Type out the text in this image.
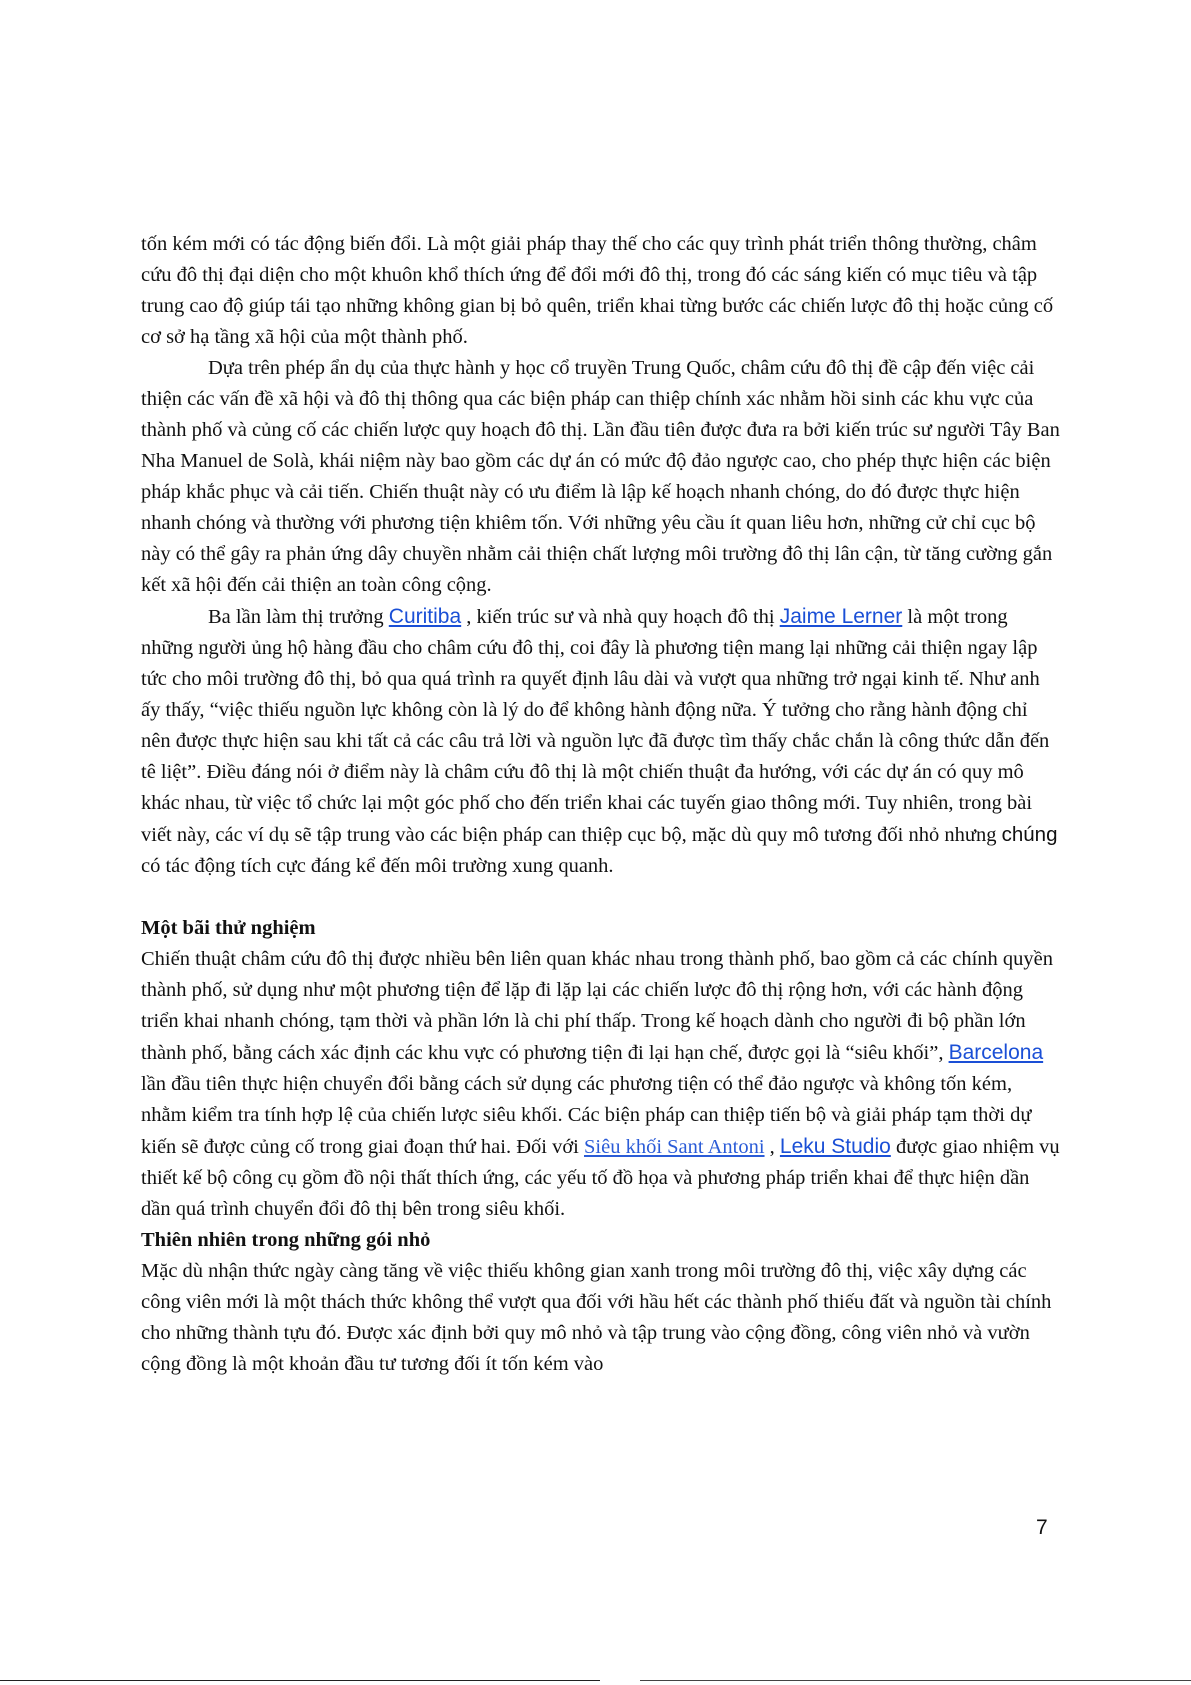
tốn kém mới có tác động biến đổi. Là một giải pháp thay thế cho các quy trình phát triển thông thường, châm cứu đô thị đại diện cho một khuôn khổ thích ứng để đổi mới đô thị, trong đó các sáng kiến có mục tiêu và tập trung cao độ giúp tái tạo những không gian bị bỏ quên, triển khai từng bước các chiến lược đô thị hoặc củng cố cơ sở hạ tầng xã hội của một thành phố.

Dựa trên phép ẩn dụ của thực hành y học cổ truyền Trung Quốc, châm cứu đô thị đề cập đến việc cải thiện các vấn đề xã hội và đô thị thông qua các biện pháp can thiệp chính xác nhằm hồi sinh các khu vực của thành phố và củng cố các chiến lược quy hoạch đô thị. Lần đầu tiên được đưa ra bởi kiến trúc sư người Tây Ban Nha Manuel de Solà, khái niệm này bao gồm các dự án có mức độ đảo ngược cao, cho phép thực hiện các biện pháp khắc phục và cải tiến. Chiến thuật này có ưu điểm là lập kế hoạch nhanh chóng, do đó được thực hiện nhanh chóng và thường với phương tiện khiêm tốn. Với những yêu cầu ít quan liêu hơn, những cử chỉ cục bộ này có thể gây ra phản ứng dây chuyền nhằm cải thiện chất lượng môi trường đô thị lân cận, từ tăng cường gắn kết xã hội đến cải thiện an toàn công cộng.

Ba lần làm thị trưởng Curitiba , kiến trúc sư và nhà quy hoạch đô thị Jaime Lerner là một trong những người ủng hộ hàng đầu cho châm cứu đô thị, coi đây là phương tiện mang lại những cải thiện ngay lập tức cho môi trường đô thị, bỏ qua quá trình ra quyết định lâu dài và vượt qua những trở ngại kinh tế. Như anh ấy thấy, “việc thiếu nguồn lực không còn là lý do để không hành động nữa. Ý tưởng cho rằng hành động chỉ nên được thực hiện sau khi tất cả các câu trả lời và nguồn lực đã được tìm thấy chắc chắn là công thức dẫn đến tê liệt”. Điều đáng nói ở điểm này là châm cứu đô thị là một chiến thuật đa hướng, với các dự án có quy mô khác nhau, từ việc tổ chức lại một góc phố cho đến triển khai các tuyến giao thông mới. Tuy nhiên, trong bài viết này, các ví dụ sẽ tập trung vào các biện pháp can thiệp cục bộ, mặc dù quy mô tương đối nhỏ nhưng chúng có tác động tích cực đáng kể đến môi trường xung quanh.

Một bãi thử nghiệm

Chiến thuật châm cứu đô thị được nhiều bên liên quan khác nhau trong thành phố, bao gồm cả các chính quyền thành phố, sử dụng như một phương tiện để lặp đi lặp lại các chiến lược đô thị rộng hơn, với các hành động triển khai nhanh chóng, tạm thời và phần lớn là chi phí thấp. Trong kế hoạch dành cho người đi bộ phần lớn thành phố, bằng cách xác định các khu vực có phương tiện đi lại hạn chế, được gọi là “siêu khối”, Barcelona lần đầu tiên thực hiện chuyển đổi bằng cách sử dụng các phương tiện có thể đảo ngược và không tốn kém, nhằm kiểm tra tính hợp lệ của chiến lược siêu khối. Các biện pháp can thiệp tiến bộ và giải pháp tạm thời dự kiến sẽ được củng cố trong giai đoạn thứ hai. Đối với Siêu khối Sant Antoni , Leku Studio được giao nhiệm vụ thiết kế bộ công cụ gồm đồ nội thất thích ứng, các yếu tố đồ họa và phương pháp triển khai để thực hiện dần dần quá trình chuyển đổi đô thị bên trong siêu khối.

Thiên nhiên trong những gói nhỏ

Mặc dù nhận thức ngày càng tăng về việc thiếu không gian xanh trong môi trường đô thị, việc xây dựng các công viên mới là một thách thức không thể vượt qua đối với hầu hết các thành phố thiếu đất và nguồn tài chính cho những thành tựu đó. Được xác định bởi quy mô nhỏ và tập trung vào cộng đồng, công viên nhỏ và vườn cộng đồng là một khoản đầu tư tương đối ít tốn kém vào

7
